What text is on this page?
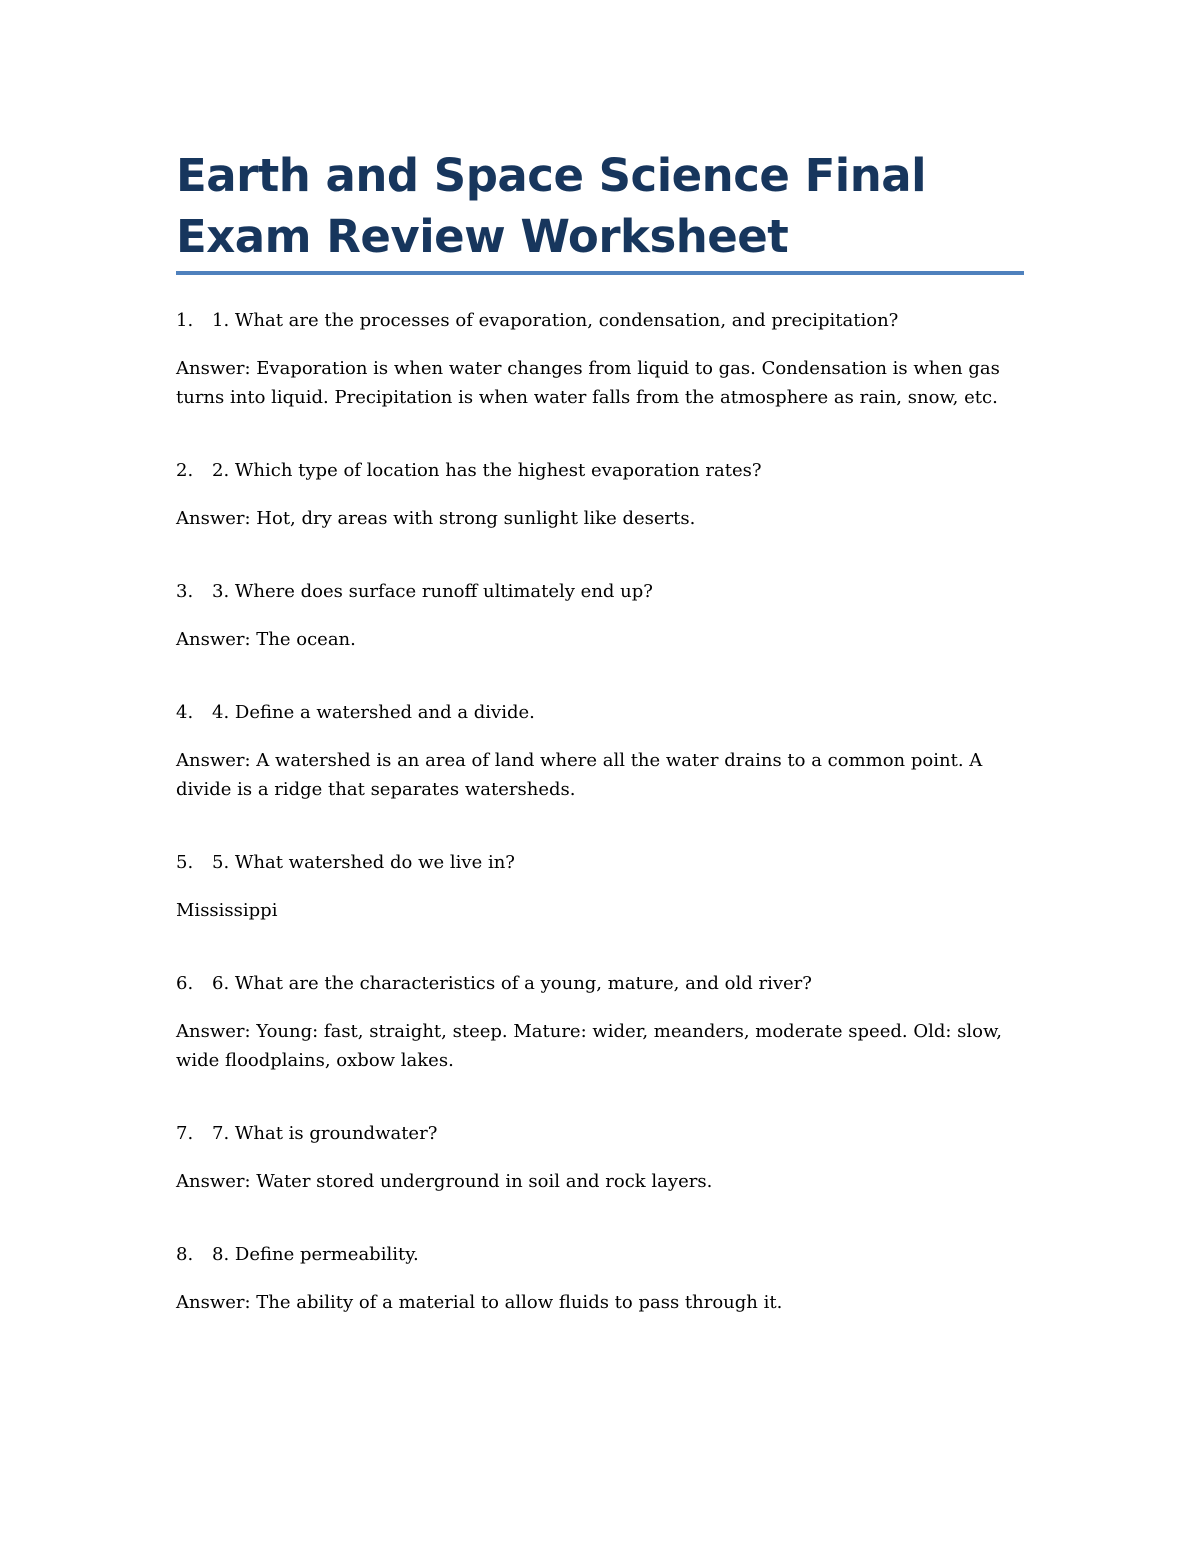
Earth and Space Science Final Exam Review Worksheet
1.	1. What are the processes of evaporation, condensation, and precipitation?

Answer: Evaporation is when water changes from liquid to gas. Condensation is when gas turns into liquid. Precipitation is when water falls from the atmosphere as rain, snow, etc.

2.	2. Which type of location has the highest evaporation rates?

Answer: Hot, dry areas with strong sunlight like deserts.

3.	3. Where does surface runoff ultimately end up?

Answer: The ocean.

4.	4. Define a watershed and a divide.

Answer: A watershed is an area of land where all the water drains to a common point. A divide is a ridge that separates watersheds.

5.	5. What watershed do we live in?

Mississippi

6.	6. What are the characteristics of a young, mature, and old river?

Answer: Young: fast, straight, steep. Mature: wider, meanders, moderate speed. Old: slow, wide floodplains, oxbow lakes.

7.	7. What is groundwater?

Answer: Water stored underground in soil and rock layers.

8.	8. Define permeability.

Answer: The ability of a material to allow fluids to pass through it.
